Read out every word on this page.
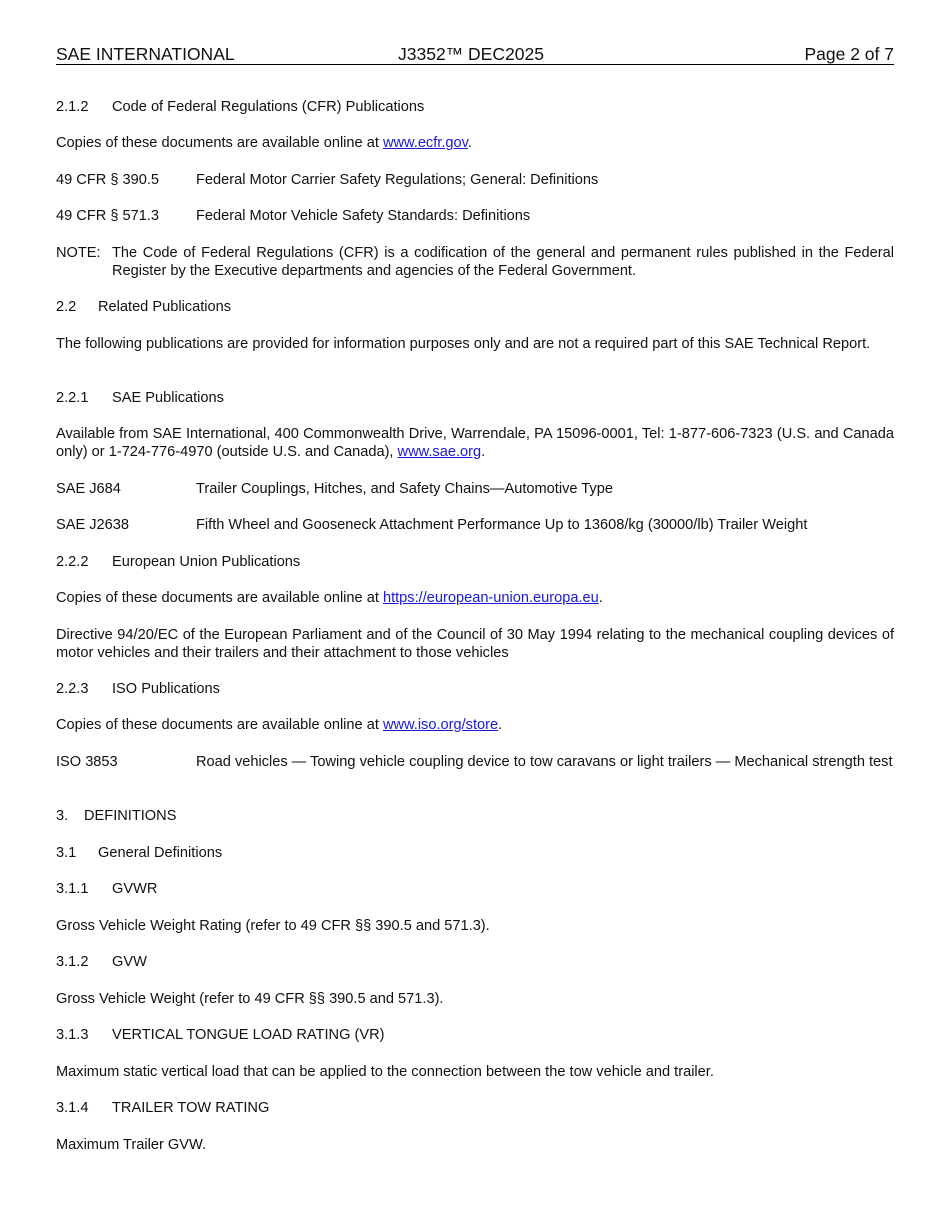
SAE INTERNATIONAL	J3352™ DEC2025	Page 2 of 7
2.1.2 Code of Federal Regulations (CFR) Publications
Copies of these documents are available online at www.ecfr.gov.
49 CFR § 390.5	Federal Motor Carrier Safety Regulations; General: Definitions
49 CFR § 571.3	Federal Motor Vehicle Safety Standards: Definitions
NOTE: The Code of Federal Regulations (CFR) is a codification of the general and permanent rules published in the Federal Register by the Executive departments and agencies of the Federal Government.
2.2 Related Publications
The following publications are provided for information purposes only and are not a required part of this SAE Technical Report.
2.2.1 SAE Publications
Available from SAE International, 400 Commonwealth Drive, Warrendale, PA 15096-0001, Tel: 1-877-606-7323 (U.S. and Canada only) or 1-724-776-4970 (outside U.S. and Canada), www.sae.org.
SAE J684	Trailer Couplings, Hitches, and Safety Chains—Automotive Type
SAE J2638	Fifth Wheel and Gooseneck Attachment Performance Up to 13608/kg (30000/lb) Trailer Weight
2.2.2 European Union Publications
Copies of these documents are available online at https://european-union.europa.eu.
Directive 94/20/EC of the European Parliament and of the Council of 30 May 1994 relating to the mechanical coupling devices of motor vehicles and their trailers and their attachment to those vehicles
2.2.3 ISO Publications
Copies of these documents are available online at www.iso.org/store.
ISO 3853	Road vehicles — Towing vehicle coupling device to tow caravans or light trailers — Mechanical strength test
3. DEFINITIONS
3.1 General Definitions
3.1.1 GVWR
Gross Vehicle Weight Rating (refer to 49 CFR §§ 390.5 and 571.3).
3.1.2 GVW
Gross Vehicle Weight (refer to 49 CFR §§ 390.5 and 571.3).
3.1.3 VERTICAL TONGUE LOAD RATING (VR)
Maximum static vertical load that can be applied to the connection between the tow vehicle and trailer.
3.1.4 TRAILER TOW RATING
Maximum Trailer GVW.
